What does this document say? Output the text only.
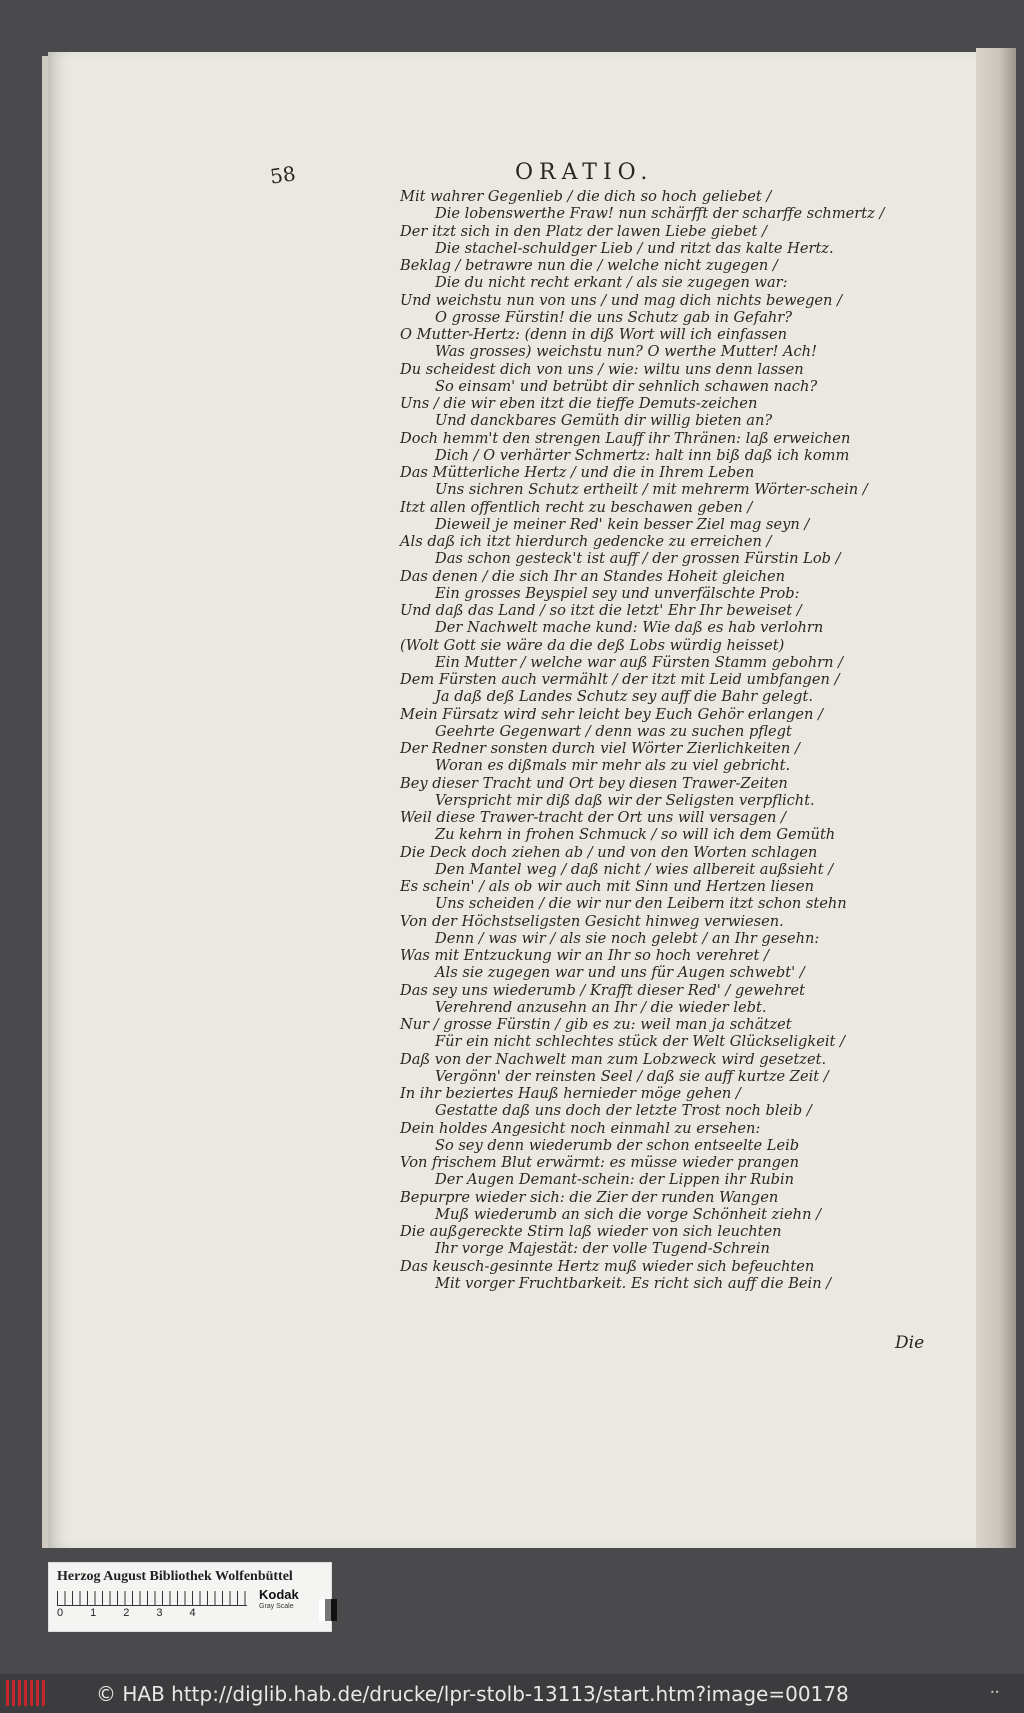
58	ORATIO.
Mit wahrer Gegenlieb / die dich so hoch geliebet /
Die lobenswerthe Fraw! nun schärfft der scharffe schmertz /
Der itzt sich in den Platz der lawen Liebe giebet /
Die stachel-schuldger Lieb / und ritzt das kalte Hertz.
Beklag / betrawre nun die / welche nicht zugegen /
Die du nicht recht erkant / als sie zugegen war:
Und weichstu nun von uns / und mag dich nichts bewegen /
O grosse Fürstin! die uns Schutz gab in Gefahr?
O Mutter-Hertz: (denn in diß Wort will ich einfassen
Was grosses) weichstu nun? O werthe Mutter! Ach!
Du scheidest dich von uns / wie: wiltu uns denn lassen
So einsam' und betrübt dir sehnlich schawen nach?
Uns / die wir eben itzt die tieffe Demuts-zeichen
Und danckbares Gemüth dir willig bieten an?
Doch hemm't den strengen Lauff ihr Thränen: laß erweichen
Dich / O verhärter Schmertz: halt inn biß daß ich komm
Das Mütterliche Hertz / und die in Ihrem Leben
Uns sichren Schutz ertheilt / mit mehrerm Wörter-schein /
Itzt allen offentlich recht zu beschawen geben /
Dieweil je meiner Red' kein besser Ziel mag seyn /
Als daß ich itzt hierdurch gedencke zu erreichen /
Das schon gesteck't ist auff / der grossen Fürstin Lob /
Das denen / die sich Ihr an Standes Hoheit gleichen
Ein grosses Beyspiel sey und unverfälschte Prob:
Und daß das Land / so itzt die letzt' Ehr Ihr beweiset /
Der Nachwelt mache kund: Wie daß es hab verlohrn
(Wolt Gott sie wäre da die deß Lobs würdig heisset)
Ein Mutter / welche war auß Fürsten Stamm gebohrn /
Dem Fürsten auch vermählt / der itzt mit Leid umbfangen /
Ja daß deß Landes Schutz sey auff die Bahr gelegt.
Mein Fürsatz wird sehr leicht bey Euch Gehör erlangen /
Geehrte Gegenwart / denn was zu suchen pflegt
Der Redner sonsten durch viel Wörter Zierlichkeiten /
Woran es dißmals mir mehr als zu viel gebricht.
Bey dieser Tracht und Ort bey diesen Trawer-Zeiten
Verspricht mir diß daß wir der Seligsten verpflicht.
Weil diese Trawer-tracht der Ort uns will versagen /
Zu kehrn in frohen Schmuck / so will ich dem Gemüth
Die Deck doch ziehen ab / und von den Worten schlagen
Den Mantel weg / daß nicht / wies allbereit außsieht /
Es schein' / als ob wir auch mit Sinn und Hertzen liesen
Uns scheiden / die wir nur den Leibern itzt schon stehn
Von der Höchstseligsten Gesicht hinweg verwiesen.
Denn / was wir / als sie noch gelebt / an Ihr gesehn:
Was mit Entzuckung wir an Ihr so hoch verehret /
Als sie zugegen war und uns für Augen schwebt' /
Das sey uns wiederumb / Krafft dieser Red' / gewehret
Verehrend anzusehn an Ihr / die wieder lebt.
Nur / grosse Fürstin / gib es zu: weil man ja schätzet
Für ein nicht schlechtes stück der Welt Glückseligkeit /
Daß von der Nachwelt man zum Lobzweck wird gesetzet.
Vergönn' der reinsten Seel / daß sie auff kurtze Zeit /
In ihr beziertes Hauß hernieder möge gehen /
Gestatte daß uns doch der letzte Trost noch bleib /
Dein holdes Angesicht noch einmahl zu ersehen:
So sey denn wiederumb der schon entseelte Leib
Von frischem Blut erwärmt: es müsse wieder prangen
Der Augen Demant-schein: der Lippen ihr Rubin
Bepurpre wieder sich: die Zier der runden Wangen
Muß wiederumb an sich die vorge Schönheit ziehn /
Die außgereckte Stirn laß wieder von sich leuchten
Ihr vorge Majestät: der volle Tugend-Schrein
Das keusch-gesinnte Hertz muß wieder sich befeuchten
Mit vorger Fruchtbarkeit. Es richt sich auff die Bein /
Die
Herzog August Bibliothek Wolfenbüttel
0 1 2 3 4
Kodak
Gray Scale
© HAB http://diglib.hab.de/drucke/lpr-stolb-13113/start.htm?image=00178	••
